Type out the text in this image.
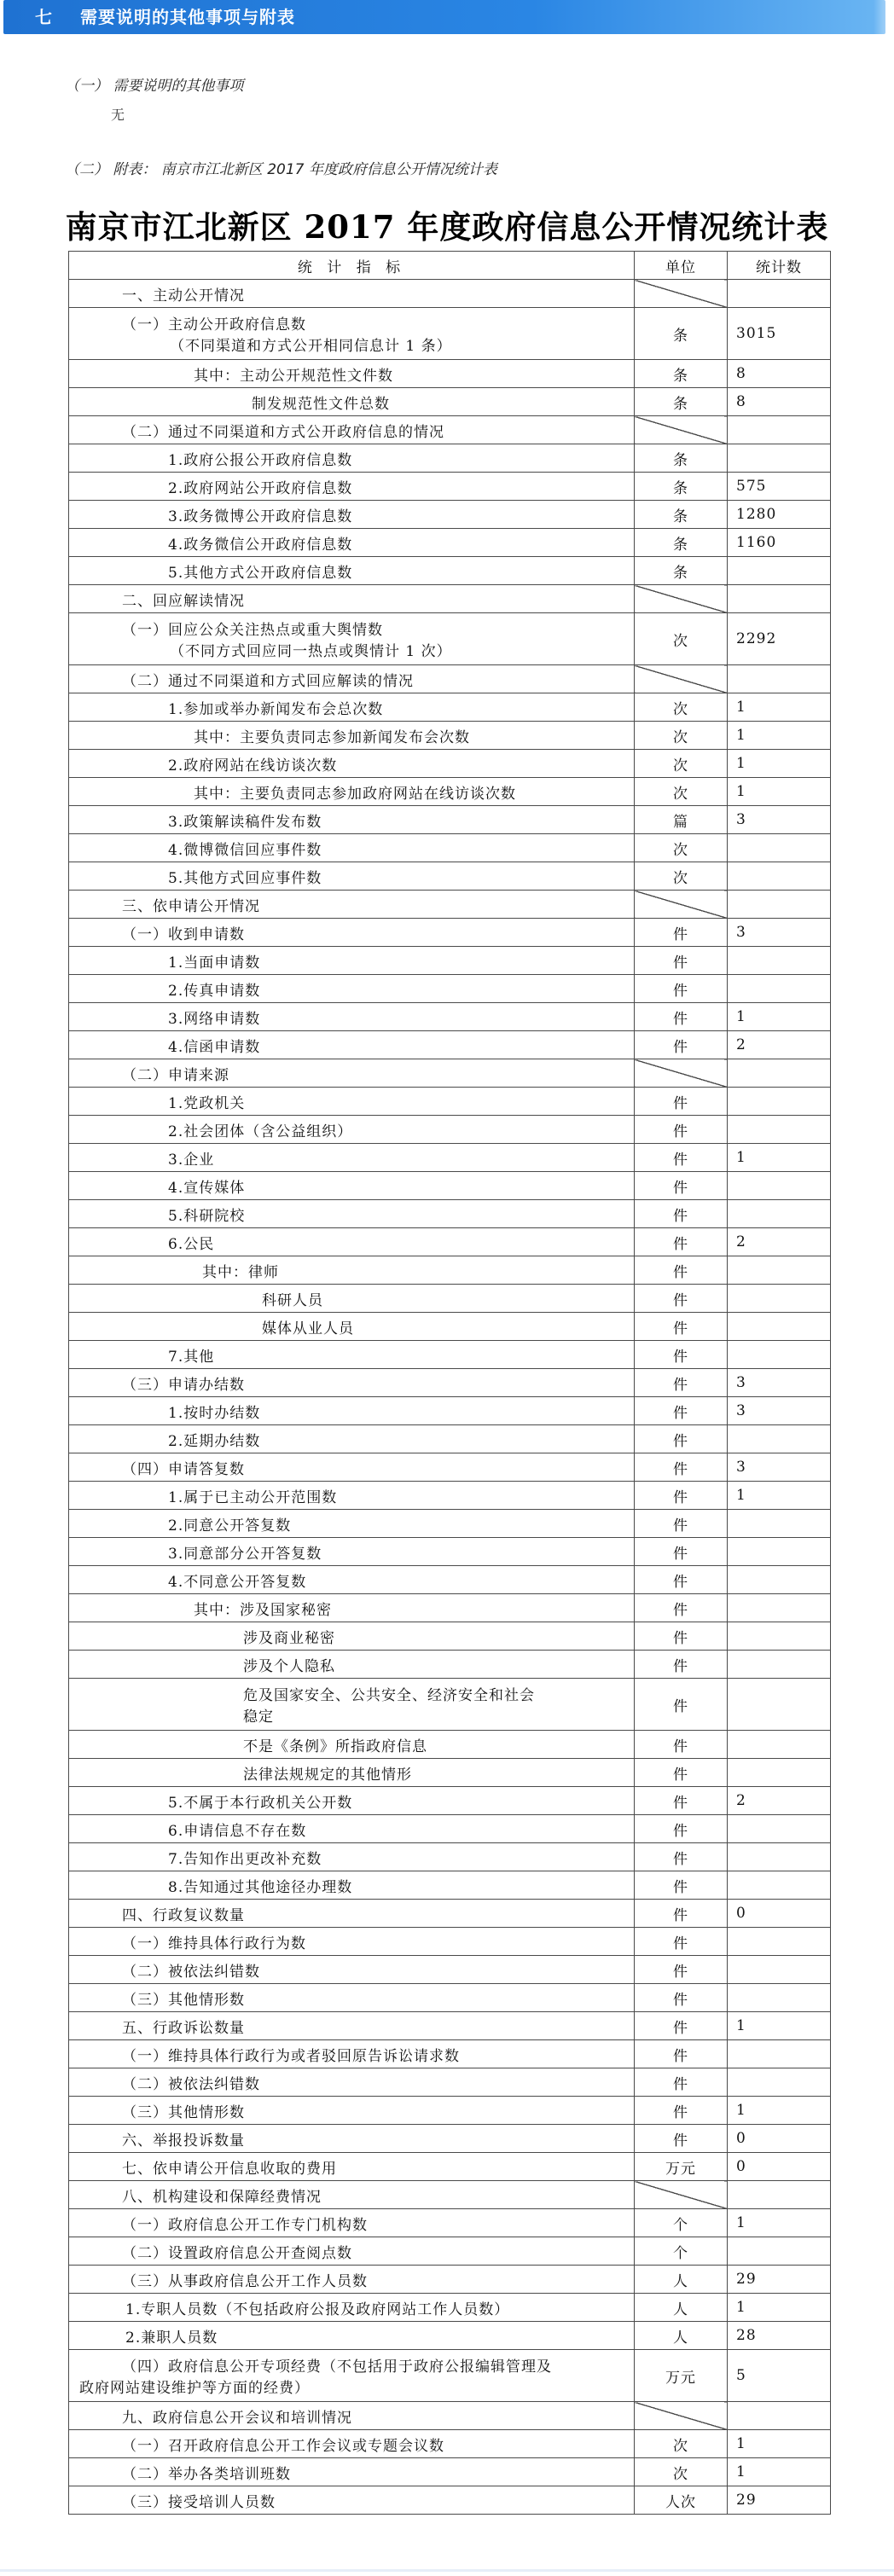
七	需要说明的其他事项与附表
（一） 需要说明的其他事项
无
（二） 附表： 南京市江北新区 2017 年度政府信息公开情况统计表
南京市江北新区 2017 年度政府信息公开情况统计表
统 计 指 标	单位	统计数

一、主动公开情况		

（一）主动公开政府信息数
（不同渠道和方式公开相同信息计 1 条）	条	3015

其中：主动公开规范性文件数	条	8

制发规范性文件总数	条	8

（二）通过不同渠道和方式公开政府信息的情况		

1.政府公报公开政府信息数	条	

2.政府网站公开政府信息数	条	575

3.政务微博公开政府信息数	条	1280

4.政务微信公开政府信息数	条	1160

5.其他方式公开政府信息数	条	

二、回应解读情况		

（一）回应公众关注热点或重大舆情数
（不同方式回应同一热点或舆情计 1 次）	次	2292

（二）通过不同渠道和方式回应解读的情况		

1.参加或举办新闻发布会总次数	次	1

其中：主要负责同志参加新闻发布会次数	次	1

2.政府网站在线访谈次数	次	1

其中：主要负责同志参加政府网站在线访谈次数	次	1

3.政策解读稿件发布数	篇	3

4.微博微信回应事件数	次	

5.其他方式回应事件数	次	

三、依申请公开情况		

（一）收到申请数	件	3

1.当面申请数	件	

2.传真申请数	件	

3.网络申请数	件	1

4.信函申请数	件	2

（二）申请来源		

1.党政机关	件	

2.社会团体（含公益组织）	件	

3.企业	件	1

4.宣传媒体	件	

5.科研院校	件	

6.公民	件	2

其中：律师	件	

科研人员	件	

媒体从业人员	件	

7.其他	件	

（三）申请办结数	件	3

1.按时办结数	件	3

2.延期办结数	件	

（四）申请答复数	件	3

1.属于已主动公开范围数	件	1

2.同意公开答复数	件	

3.同意部分公开答复数	件	

4.不同意公开答复数	件	

其中：涉及国家秘密	件	

涉及商业秘密	件	

涉及个人隐私	件	

危及国家安全、公共安全、经济安全和社会
稳定	件	

不是《条例》所指政府信息	件	

法律法规规定的其他情形	件	

5.不属于本行政机关公开数	件	2

6.申请信息不存在数	件	

7.告知作出更改补充数	件	

8.告知通过其他途径办理数	件	

四、行政复议数量	件	0

（一）维持具体行政行为数	件	

（二）被依法纠错数	件	

（三）其他情形数	件	

五、行政诉讼数量	件	1

（一）维持具体行政行为或者驳回原告诉讼请求数	件	

（二）被依法纠错数	件	

（三）其他情形数	件	1

六、举报投诉数量	件	0

七、依申请公开信息收取的费用	万元	0

八、机构建设和保障经费情况		

（一）政府信息公开工作专门机构数	个	1

（二）设置政府信息公开查阅点数	个	

（三）从事政府信息公开工作人员数	人	29

1.专职人员数（不包括政府公报及政府网站工作人员数）	人	1

2.兼职人员数	人	28

（四）政府信息公开专项经费（不包括用于政府公报编辑管理及
政府网站建设维护等方面的经费）	万元	5

九、政府信息公开会议和培训情况		

（一）召开政府信息公开工作会议或专题会议数	次	1

（二）举办各类培训班数	次	1

（三）接受培训人员数	人次	29
